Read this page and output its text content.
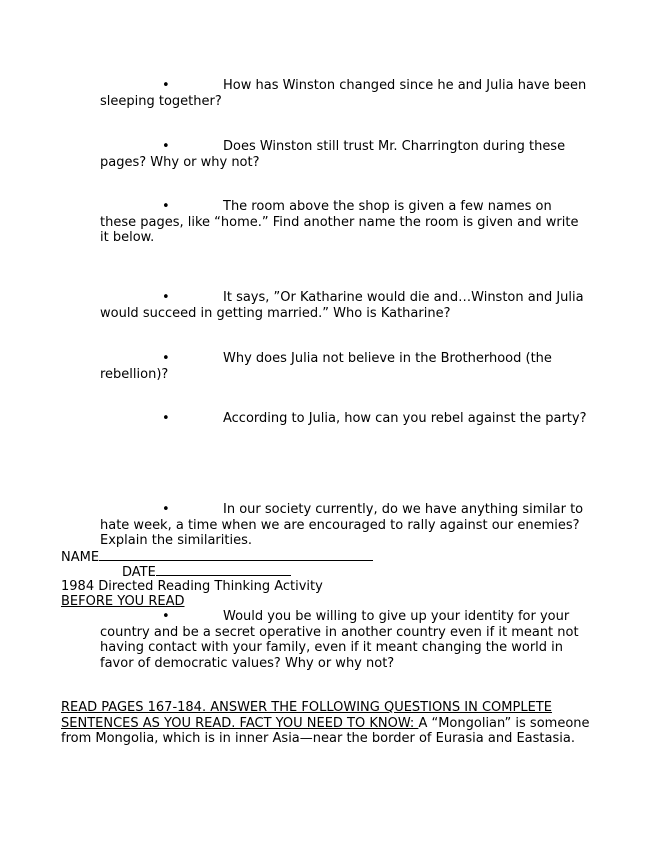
•	How has Winston changed since he and Julia have been sleeping together?
•	Does Winston still trust Mr. Charrington during these pages? Why or why not?
•	The room above the shop is given a few names on these pages, like “home.” Find another name the room is given and write it below.
•	It says, ”Or Katharine would die and…Winston and Julia would succeed in getting married.” Who is Katharine?
•	Why does Julia not believe in the Brotherhood (the rebellion)?
•	According to Julia, how can you rebel against the party?
•	In our society currently, do we have anything similar to hate week, a time when we are encouraged to rally against our enemies? Explain the similarities.
NAME
DATE
1984 Directed Reading Thinking Activity
BEFORE YOU READ
•	Would you be willing to give up your identity for your country and be a secret operative in another country even if it meant not having contact with your family, even if it meant changing the world in favor of democratic values? Why or why not?
READ PAGES 167-184. ANSWER THE FOLLOWING QUESTIONS IN COMPLETE SENTENCES AS YOU READ. FACT YOU NEED TO KNOW: A “Mongolian” is someone from Mongolia, which is in inner Asia—near the border of Eurasia and Eastasia.
